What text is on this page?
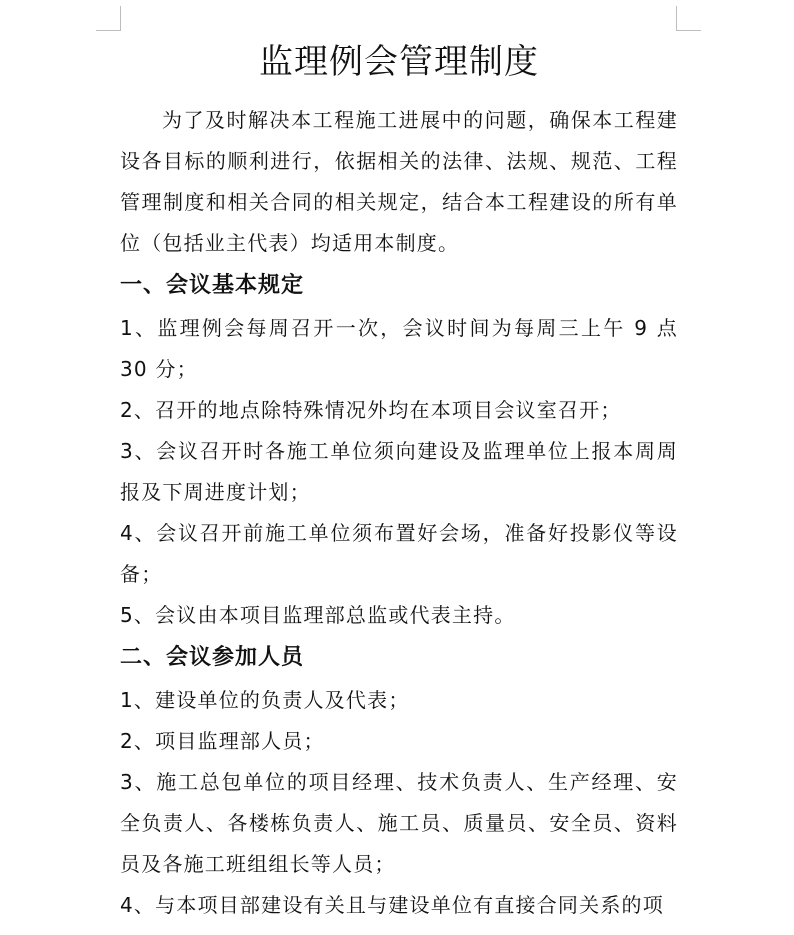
监理例会管理制度

为了及时解决本工程施工进展中的问题，确保本工程建设各目标的顺利进行，依据相关的法律、法规、规范、工程管理制度和相关合同的相关规定，结合本工程建设的所有单位（包括业主代表）均适用本制度。

一、会议基本规定

1、监理例会每周召开一次，会议时间为每周三上午 9 点 30 分；

2、召开的地点除特殊情况外均在本项目会议室召开；

3、会议召开时各施工单位须向建设及监理单位上报本周周报及下周进度计划；

4、会议召开前施工单位须布置好会场，准备好投影仪等设备；

5、会议由本项目监理部总监或代表主持。

二、会议参加人员

1、建设单位的负责人及代表；

2、项目监理部人员；

3、施工总包单位的项目经理、技术负责人、生产经理、安全负责人、各楼栋负责人、施工员、质量员、安全员、资料员及各施工班组组长等人员；

4、与本项目部建设有关且与建设单位有直接合同关系的项
